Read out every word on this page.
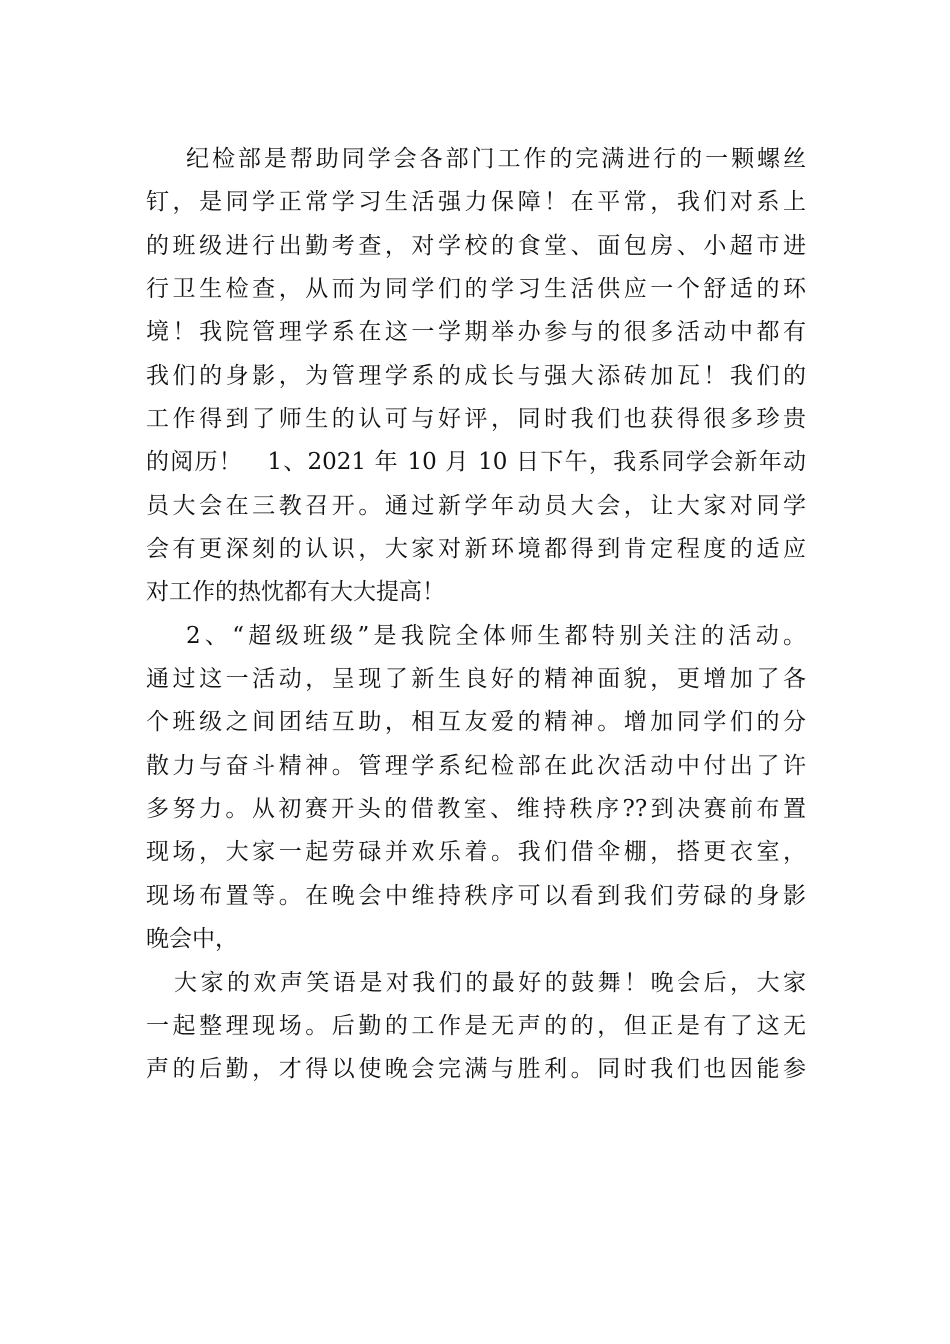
纪检部是帮助同学会各部门工作的完满进行的一颗螺丝
钉，是同学正常学习生活强力保障！在平常，我们对系上
的班级进行出勤考查，对学校的食堂、面包房、小超市进
行卫生检查，从而为同学们的学习生活供应一个舒适的环
境！我院管理学系在这一学期举办参与的很多活动中都有
我们的身影，为管理学系的成长与强大添砖加瓦！我们的
工作得到了师生的认可与好评，同时我们也获得很多珍贵
的阅历！　1、2021 年 10 月 10 日下午，我系同学会新年动
员大会在三教召开。通过新学年动员大会，让大家对同学
会有更深刻的认识，大家对新环境都得到肯定程度的适应
对工作的热忱都有大大提高！
2、“超级班级”是我院全体师生都特别关注的活动。
通过这一活动，呈现了新生良好的精神面貌，更增加了各
个班级之间团结互助，相互友爱的精神。增加同学们的分
散力与奋斗精神。管理学系纪检部在此次活动中付出了许
多努力。从初赛开头的借教室、维持秩序??到决赛前布置
现场，大家一起劳碌并欢乐着。我们借伞棚，搭更衣室，
现场布置等。在晚会中维持秩序可以看到我们劳碌的身影
晚会中，
大家的欢声笑语是对我们的最好的鼓舞！晚会后，大家
一起整理现场。后勤的工作是无声的的，但正是有了这无
声的后勤，才得以使晚会完满与胜利。同时我们也因能参
